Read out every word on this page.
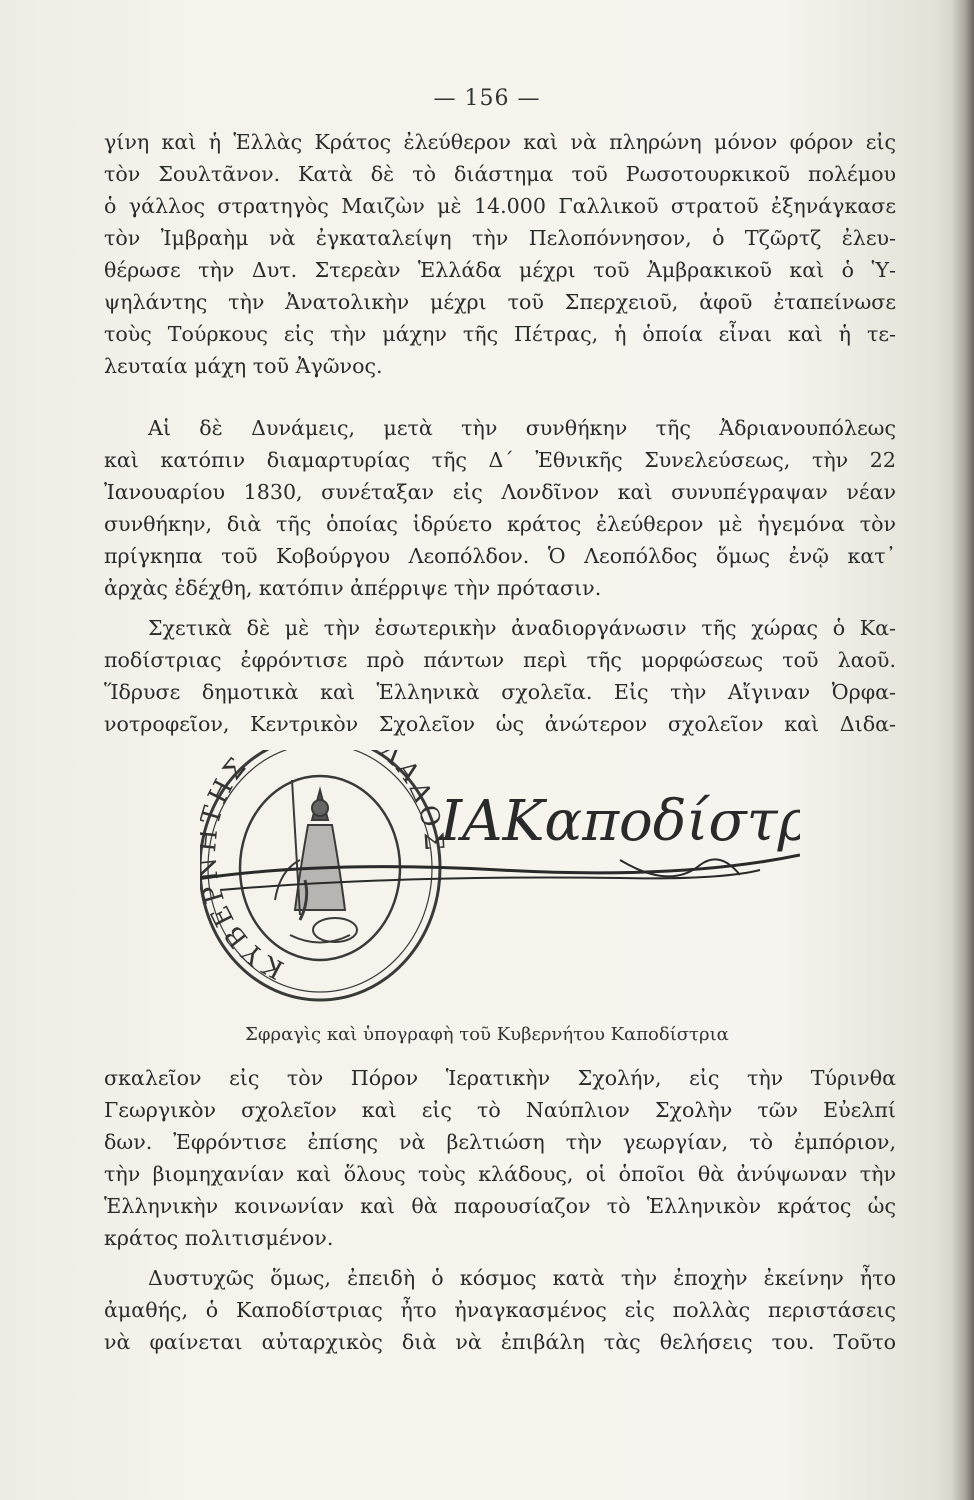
— 156 —
γίνη καὶ ἡ Ἑλλὰς Κράτος ἐλεύθερον καὶ νὰ πληρώνη μόνον φόρον εἰς
τὸν Σουλτᾶνον. Κατὰ δὲ τὸ διάστημα τοῦ Ρωσοτουρκικοῦ πολέμου
ὁ γάλλος στρατηγὸς Μαιζὼν μὲ 14.000 Γαλλικοῦ στρατοῦ ἐξηνάγκασε
τὸν Ἰμβραὴμ νὰ ἐγκαταλείψη τὴν Πελοπόννησον, ὁ Τζῶρτζ ἐλευ-
θέρωσε τὴν Δυτ. Στερεὰν Ἑλλάδα μέχρι τοῦ Ἀμβρακικοῦ καὶ ὁ Ὑ-
ψηλάντης τὴν Ἀνατολικὴν μέχρι τοῦ Σπερχειοῦ, ἀφοῦ ἐταπείνωσε
τοὺς Τούρκους εἰς τὴν μάχην τῆς Πέτρας, ἡ ὁποία εἶναι καὶ ἡ τε-
λευταία μάχη τοῦ Ἀγῶνος.
Αἱ δὲ Δυνάμεις, μετὰ τὴν συνθήκην τῆς Ἀδριανουπόλεως
καὶ κατόπιν διαμαρτυρίας τῆς Δ΄ Ἐθνικῆς Συνελεύσεως, τὴν 22
Ἰανουαρίου 1830, συνέταξαν εἰς Λονδῖνον καὶ συνυπέγραψαν νέαν
συνθήκην, διὰ τῆς ὁποίας ἱδρύετο κράτος ἐλεύθερον μὲ ἡγεμόνα τὸν
πρίγκηπα τοῦ Κοβούργου Λεοπόλδον. Ὁ Λεοπόλδος ὅμως ἐνῷ κατ᾽
ἀρχὰς ἐδέχθη, κατόπιν ἀπέρριψε τὴν πρότασιν.
Σχετικὰ δὲ μὲ τὴν ἐσωτερικὴν ἀναδιοργάνωσιν τῆς χώρας ὁ Κα-
ποδίστριας ἐφρόντισε πρὸ πάντων περὶ τῆς μορφώσεως τοῦ λαοῦ.
Ἵδρυσε δημοτικὰ καὶ Ἑλληνικὰ σχολεῖα. Εἰς τὴν Αἴγιναν Ὀρφα-
νοτροφεῖον, Κεντρικὸν Σχολεῖον ὡς ἀνώτερον σχολεῖον καὶ Διδα-
ΚΥΒΕ ΗΣ ΛΑΔΟΣ
ΙΑΚαποδίστ
Σφραγὶς καὶ ὑπογραφὴ τοῦ Κυβερνήτου Καποδίστρια
σκαλεῖον εἰς τὸν Πόρον Ἱερατικὴν Σχολήν, εἰς τὴν Τύρινθα
Γεωργικὸν σχολεῖον καὶ εἰς τὸ Ναύπλιον Σχολὴν τῶν Εὐελπί
δων. Ἐφρόντισε ἐπίσης νὰ βελτιώση τὴν γεωργίαν, τὸ ἐμπόριον,
τὴν βιομηχανίαν καὶ ὅλους τοὺς κλάδους, οἱ ὁποῖοι θὰ ἀνύψωναν τὴν
Ἑλληνικὴν κοινωνίαν καὶ θὰ παρουσίαζον τὸ Ἑλληνικὸν κράτος ὡς
κράτος πολιτισμένον.
Δυστυχῶς ὅμως, ἐπειδὴ ὁ κόσμος κατὰ τὴν ἐποχὴν ἐκείνην ἦτο
ἀμαθής, ὁ Καποδίστριας ἦτο ἠναγκασμένος εἰς πολλὰς περιστάσεις
νὰ φαίνεται αὐταρχικὸς διὰ νὰ ἐπιβάλη τὰς θελήσεις του. Τοῦτο
